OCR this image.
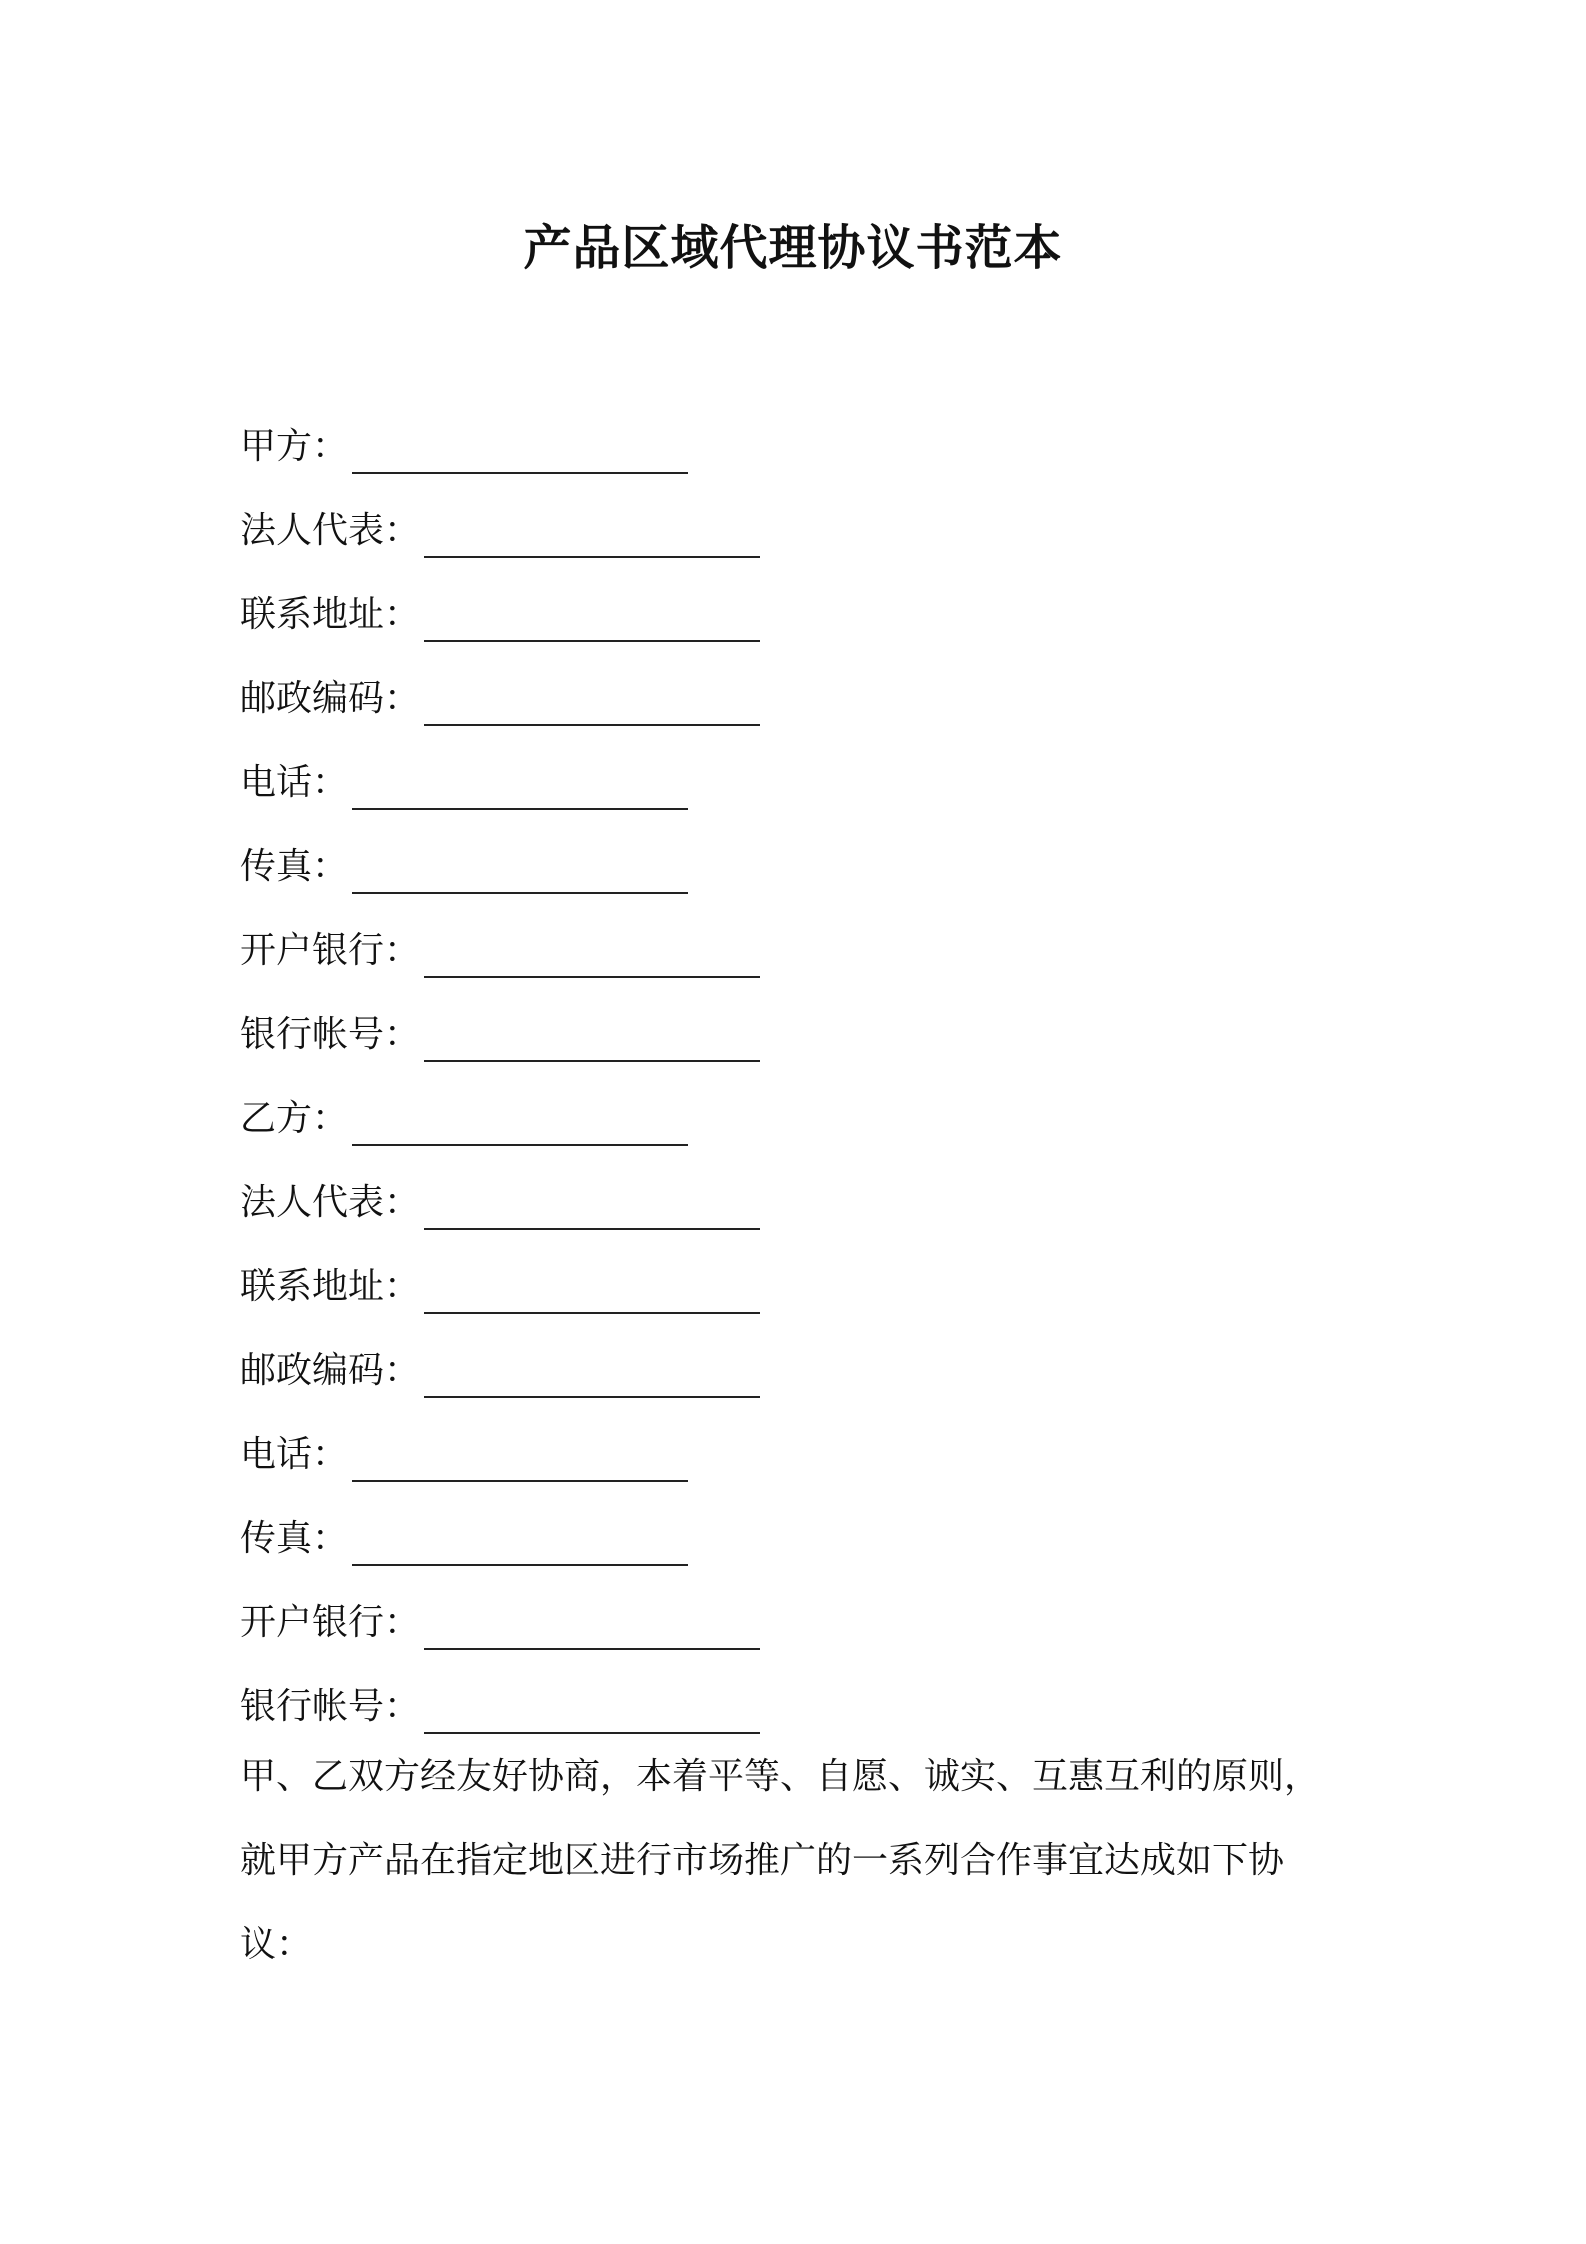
产品区域代理协议书范本
甲方：
法人代表：
联系地址：
邮政编码：
电话：
传真：
开户银行：
银行帐号：
乙方：
法人代表：
联系地址：
邮政编码：
电话：
传真：
开户银行：
银行帐号：
甲、乙双方经友好协商，本着平等、自愿、诚实、互惠互利的原则，
就甲方产品在指定地区进行市场推广的一系列合作事宜达成如下协
议：
